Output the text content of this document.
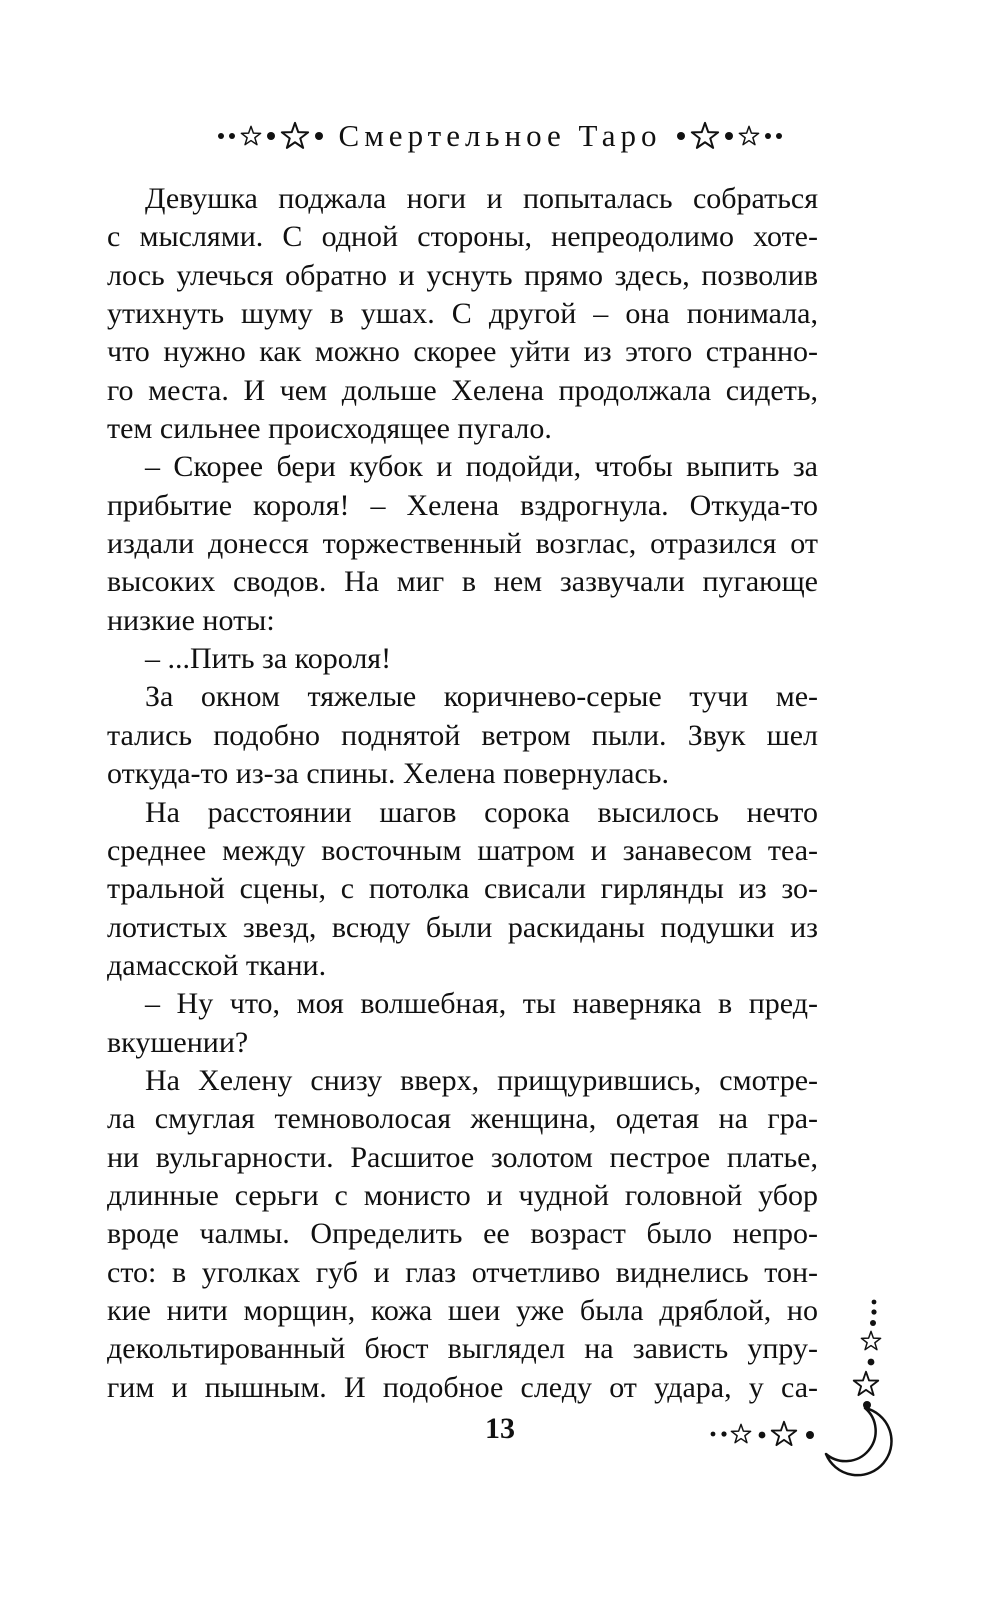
Смертельное Таро
Девушка поджала ноги и попыталась собраться
с мыслями. С одной стороны, непреодолимо хоте-
лось улечься обратно и уснуть прямо здесь, позволив
утихнуть шуму в ушах. С другой – она понимала,
что нужно как можно скорее уйти из этого странно-
го места. И чем дольше Хелена продолжала сидеть,
тем сильнее происходящее пугало.
– Скорее бери кубок и подойди, чтобы выпить за
прибытие короля! – Хелена вздрогнула. Откуда-то
издали донесся торжественный возглас, отразился от
высоких сводов. На миг в нем зазвучали пугающе
низкие ноты:
– ...Пить за короля!
За окном тяжелые коричнево-серые тучи ме-
тались подобно поднятой ветром пыли. Звук шел
откуда-то из-за спины. Хелена повернулась.
На расстоянии шагов сорока высилось нечто
среднее между восточным шатром и занавесом теа-
тральной сцены, с потолка свисали гирлянды из зо-
лотистых звезд, всюду были раскиданы подушки из
дамасской ткани.
– Ну что, моя волшебная, ты наверняка в пред-
вкушении?
На Хелену снизу вверх, прищурившись, смотре-
ла смуглая темноволосая женщина, одетая на гра-
ни вульгарности. Расшитое золотом пестрое платье,
длинные серьги с монисто и чудной головной убор
вроде чалмы. Определить ее возраст было непро-
сто: в уголках губ и глаз отчетливо виднелись тон-
кие нити морщин, кожа шеи уже была дряблой, но
декольтированный бюст выглядел на зависть упру-
гим и пышным. И подобное следу от удара, у са-
13
